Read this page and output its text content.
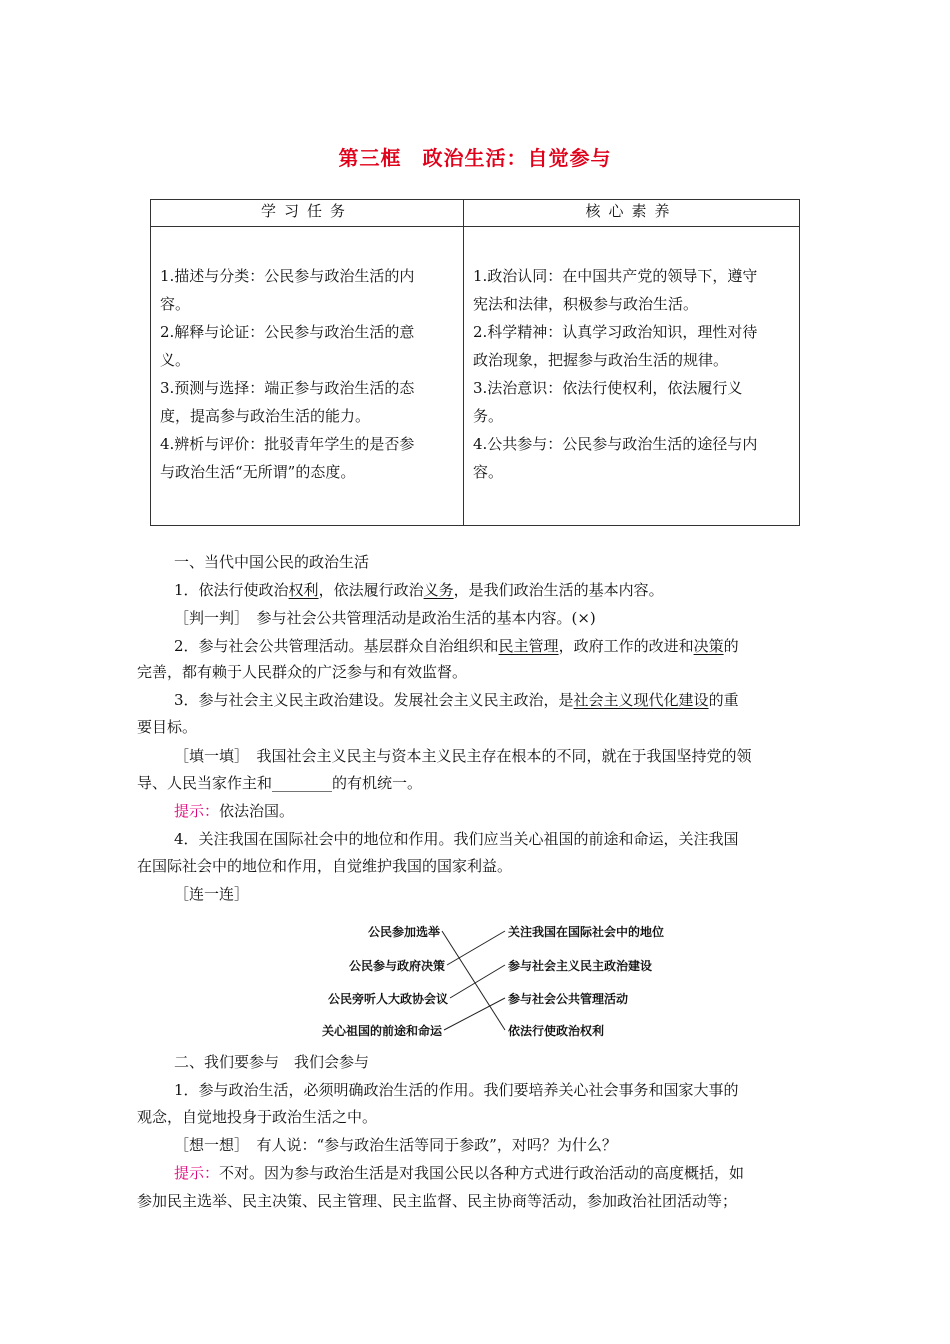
第三框　政治生活：自觉参与
学习任务	核心素养
1.描述与分类：公民参与政治生活的内
容。
2.解释与论证：公民参与政治生活的意
义。
3.预测与选择：端正参与政治生活的态
度，提高参与政治生活的能力。
4.辨析与评价：批驳青年学生的是否参
与政治生活“无所谓”的态度。
1.政治认同：在中国共产党的领导下，遵守
宪法和法律，积极参与政治生活。
2.科学精神：认真学习政治知识，理性对待
政治现象，把握参与政治生活的规律。
3.法治意识：依法行使权利，依法履行义
务。
4.公共参与：公民参与政治生活的途径与内
容。
一、当代中国公民的政治生活
1．依法行使政治权利，依法履行政治义务，是我们政治生活的基本内容。
［判一判］　参与社会公共管理活动是政治生活的基本内容。(×)
2．参与社会公共管理活动。基层群众自治组织和民主管理，政府工作的改进和决策的
完善，都有赖于人民群众的广泛参与和有效监督。
3．参与社会主义民主政治建设。发展社会主义民主政治，是社会主义现代化建设的重
要目标。
［填一填］　我国社会主义民主与资本主义民主存在根本的不同，就在于我国坚持党的领
导、人民当家作主和________的有机统一。
提示：依法治国。
4．关注我国在国际社会中的地位和作用。我们应当关心祖国的前途和命运，关注我国
在国际社会中的地位和作用，自觉维护我国的国家利益。
［连一连］
公民参加选举
公民参与政府决策
公民旁听人大政协会议
关心祖国的前途和命运
关注我国在国际社会中的地位
参与社会主义民主政治建设
参与社会公共管理活动
依法行使政治权利
二、我们要参与　我们会参与
1．参与政治生活，必须明确政治生活的作用。我们要培养关心社会事务和国家大事的
观念，自觉地投身于政治生活之中。
［想一想］　有人说：“参与政治生活等同于参政”，对吗？为什么？
提示：不对。因为参与政治生活是对我国公民以各种方式进行政治活动的高度概括，如
参加民主选举、民主决策、民主管理、民主监督、民主协商等活动，参加政治社团活动等；
